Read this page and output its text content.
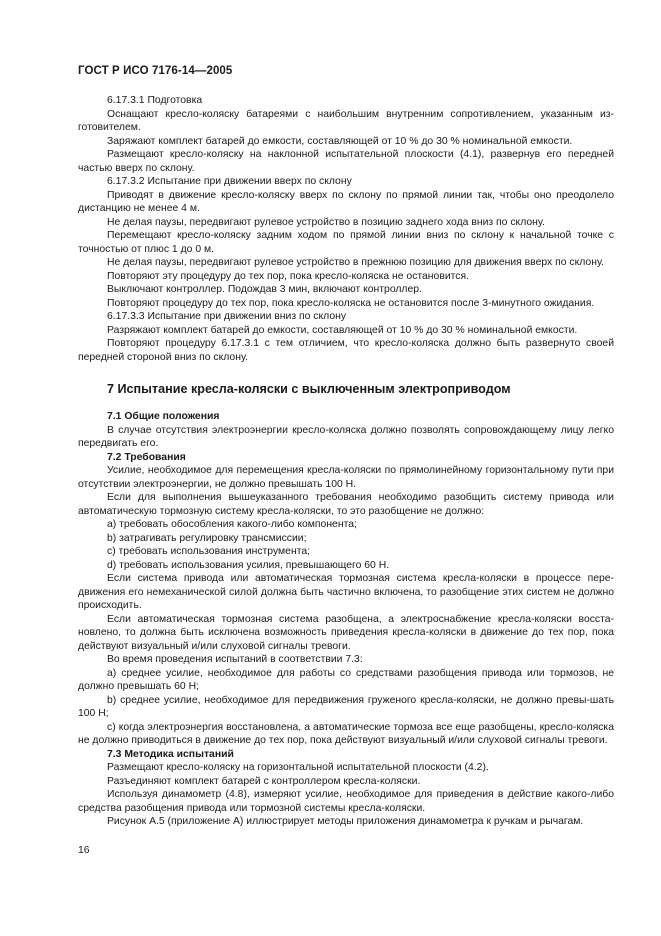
ГОСТ Р ИСО 7176-14—2005

6.17.3.1 Подготовка

Оснащают кресло-коляску батареями с наибольшим внутренним сопротивлением, указанным из-готовителем.

Заряжают комплект батарей до емкости, составляющей от 10 % до 30 % номинальной емкости.

Размещают кресло-коляску на наклонной испытательной плоскости (4.1), развернув его передней частью вверх по склону.

6.17.3.2 Испытание при движении вверх по склону

Приводят в движение кресло-коляску вверх по склону по прямой линии так, чтобы оно преодолело дистанцию не менее 4 м.

Не делая паузы, передвигают рулевое устройство в позицию заднего хода вниз по склону.

Перемещают кресло-коляску задним ходом по прямой линии вниз по склону к начальной точке с точностью от плюс 1 до 0 м.

Не делая паузы, передвигают рулевое устройство в прежнюю позицию для движения вверх по склону.

Повторяют эту процедуру до тех пор, пока кресло-коляска не остановится.

Выключают контроллер. Подождав 3 мин, включают контроллер.

Повторяют процедуру до тех пор, пока кресло-коляска не остановится после 3-минутного ожидания.

6.17.3.3 Испытание при движении вниз по склону

Разряжают комплект батарей до емкости, составляющей от 10 % до 30 % номинальной емкости.

Повторяют процедуру 6.17.3.1 с тем отличием, что кресло-коляска должно быть развернуто своей передней стороной вниз по склону.

7 Испытание кресла-коляски с выключенным электроприводом

7.1 Общие положения

В случае отсутствия электроэнергии кресло-коляска должно позволять сопровождающему лицу легко передвигать его.

7.2 Требования

Усилие, необходимое для перемещения кресла-коляски по прямолинейному горизонтальному пути при отсутствии электроэнергии, не должно превышать 100 Н.

Если для выполнения вышеуказанного требования необходимо разобщить систему привода или автоматическую тормозную систему кресла-коляски, то это разобщение не должно:

a) требовать обособления какого-либо компонента;

b) затрагивать регулировку трансмиссии;

c) требовать использования инструмента;

d) требовать использования усилия, превышающего 60 Н.

Если система привода или автоматическая тормозная система кресла-коляски в процессе пере-движения его немеханической силой должна быть частично включена, то разобщение этих систем не должно происходить.

Если автоматическая тормозная система разобщена, а электроснабжение кресла-коляски восста-новлено, то должна быть исключена возможность приведения кресла-коляски в движение до тех пор, пока действуют визуальный и/или слуховой сигналы тревоги.

Во время проведения испытаний в соответствии 7.3:

a) среднее усилие, необходимое для работы со средствами разобщения привода или тормозов, не должно превышать 60 Н;

b) среднее усилие, необходимое для передвижения груженого кресла-коляски, не должно превы-шать 100 Н;

c) когда электроэнергия восстановлена, а автоматические тормоза все еще разобщены, кресло-коляска не должно приводиться в движение до тех пор, пока действуют визуальный и/или слуховой сигналы тревоги.

7.3 Методика испытаний

Размещают кресло-коляску на горизонтальной испытательной плоскости (4.2).

Разъединяют комплект батарей с контроллером кресла-коляски.

Используя динамометр (4.8), измеряют усилие, необходимое для приведения в действие какого-либо средства разобщения привода или тормозной системы кресла-коляски.

Рисунок А.5 (приложение А) иллюстрирует методы приложения динамометра к ручкам и рычагам.

16
